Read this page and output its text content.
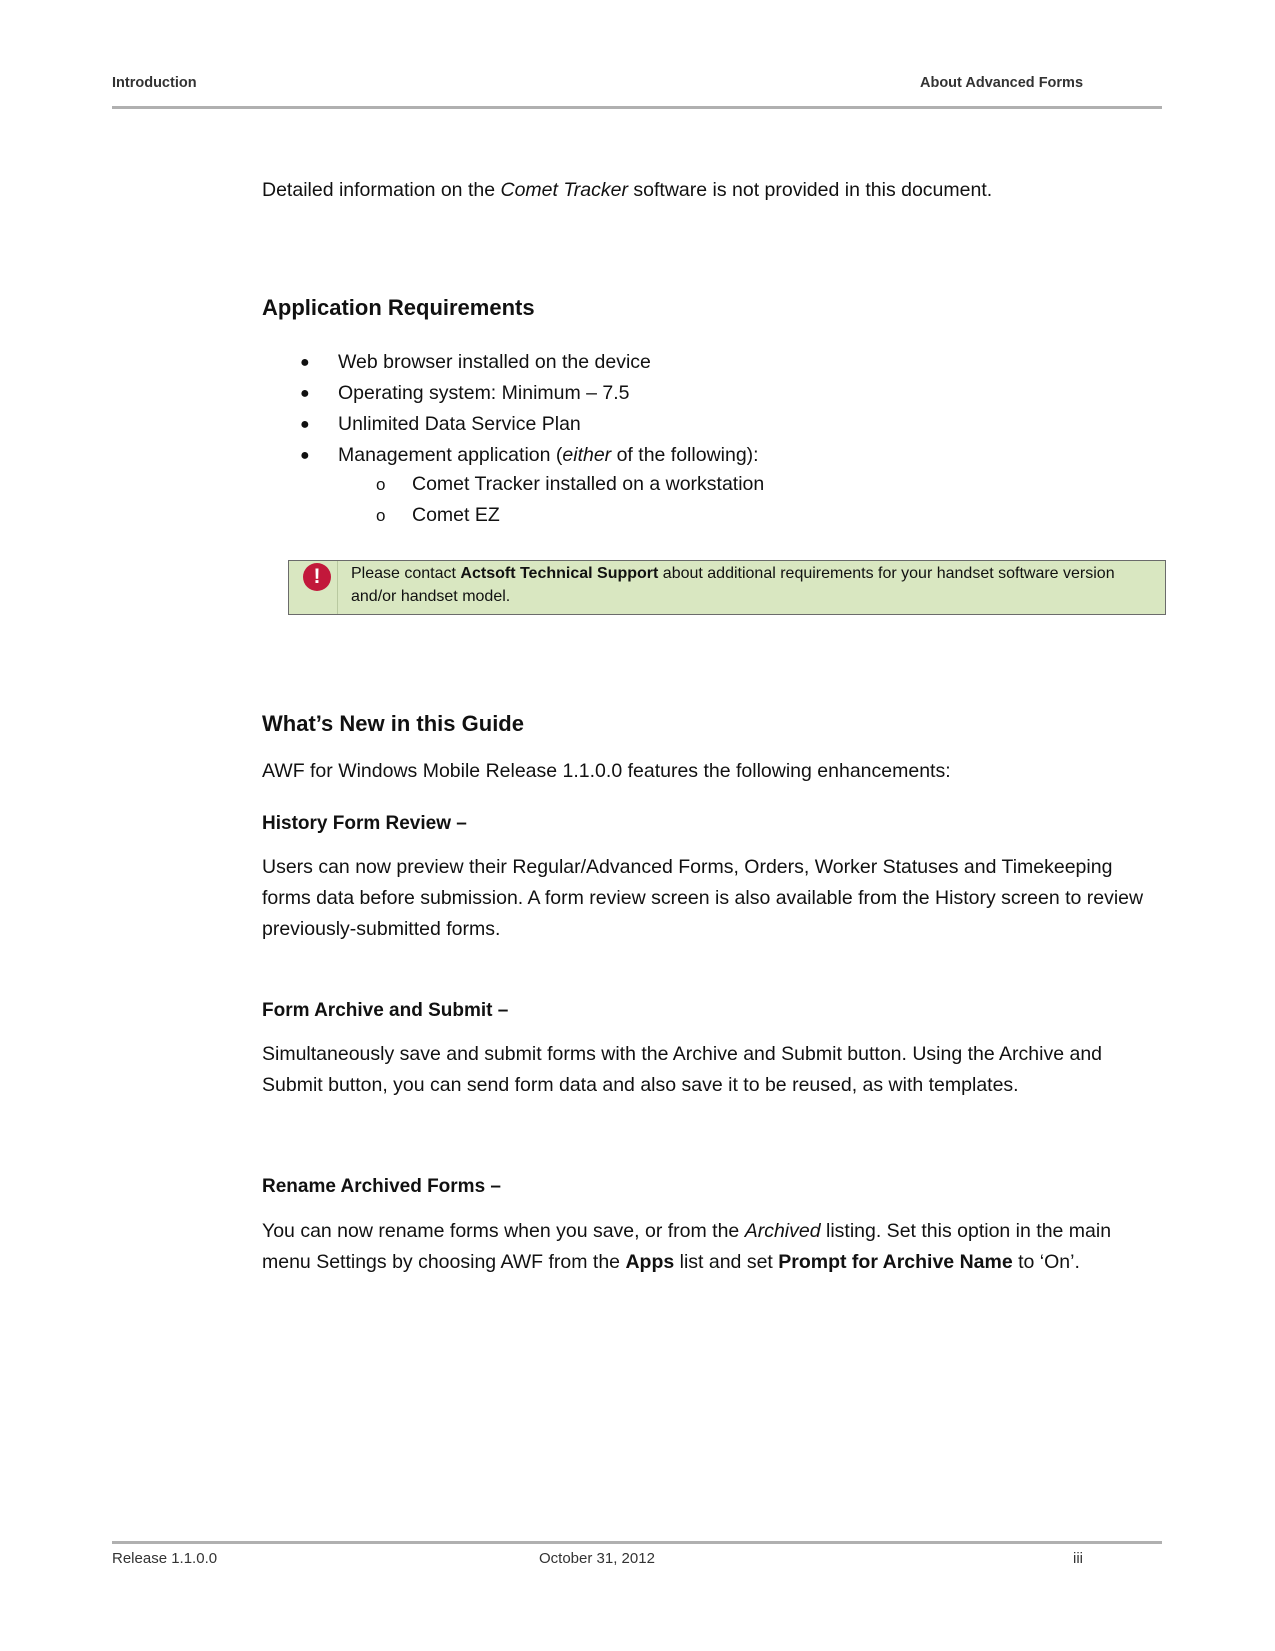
Introduction	About Advanced Forms
Detailed information on the Comet Tracker software is not provided in this document.
Application Requirements
● Web browser installed on the device
● Operating system: Minimum – 7.5
● Unlimited Data Service Plan
● Management application (either of the following):
o Comet Tracker installed on a workstation
o Comet EZ
!	Please contact Actsoft Technical Support about additional requirements for your handset software version and/or handset model.
What’s New in this Guide
AWF for Windows Mobile Release 1.1.0.0 features the following enhancements:
History Form Review –
Users can now preview their Regular/Advanced Forms, Orders, Worker Statuses and Timekeeping forms data before submission. A form review screen is also available from the History screen to review previously-submitted forms.
Form Archive and Submit –
Simultaneously save and submit forms with the Archive and Submit button. Using the Archive and Submit button, you can send form data and also save it to be reused, as with templates.
Rename Archived Forms –
You can now rename forms when you save, or from the Archived listing. Set this option in the main menu Settings by choosing AWF from the Apps list and set Prompt for Archive Name to ‘On’.
Release 1.1.0.0	October 31, 2012	iii
